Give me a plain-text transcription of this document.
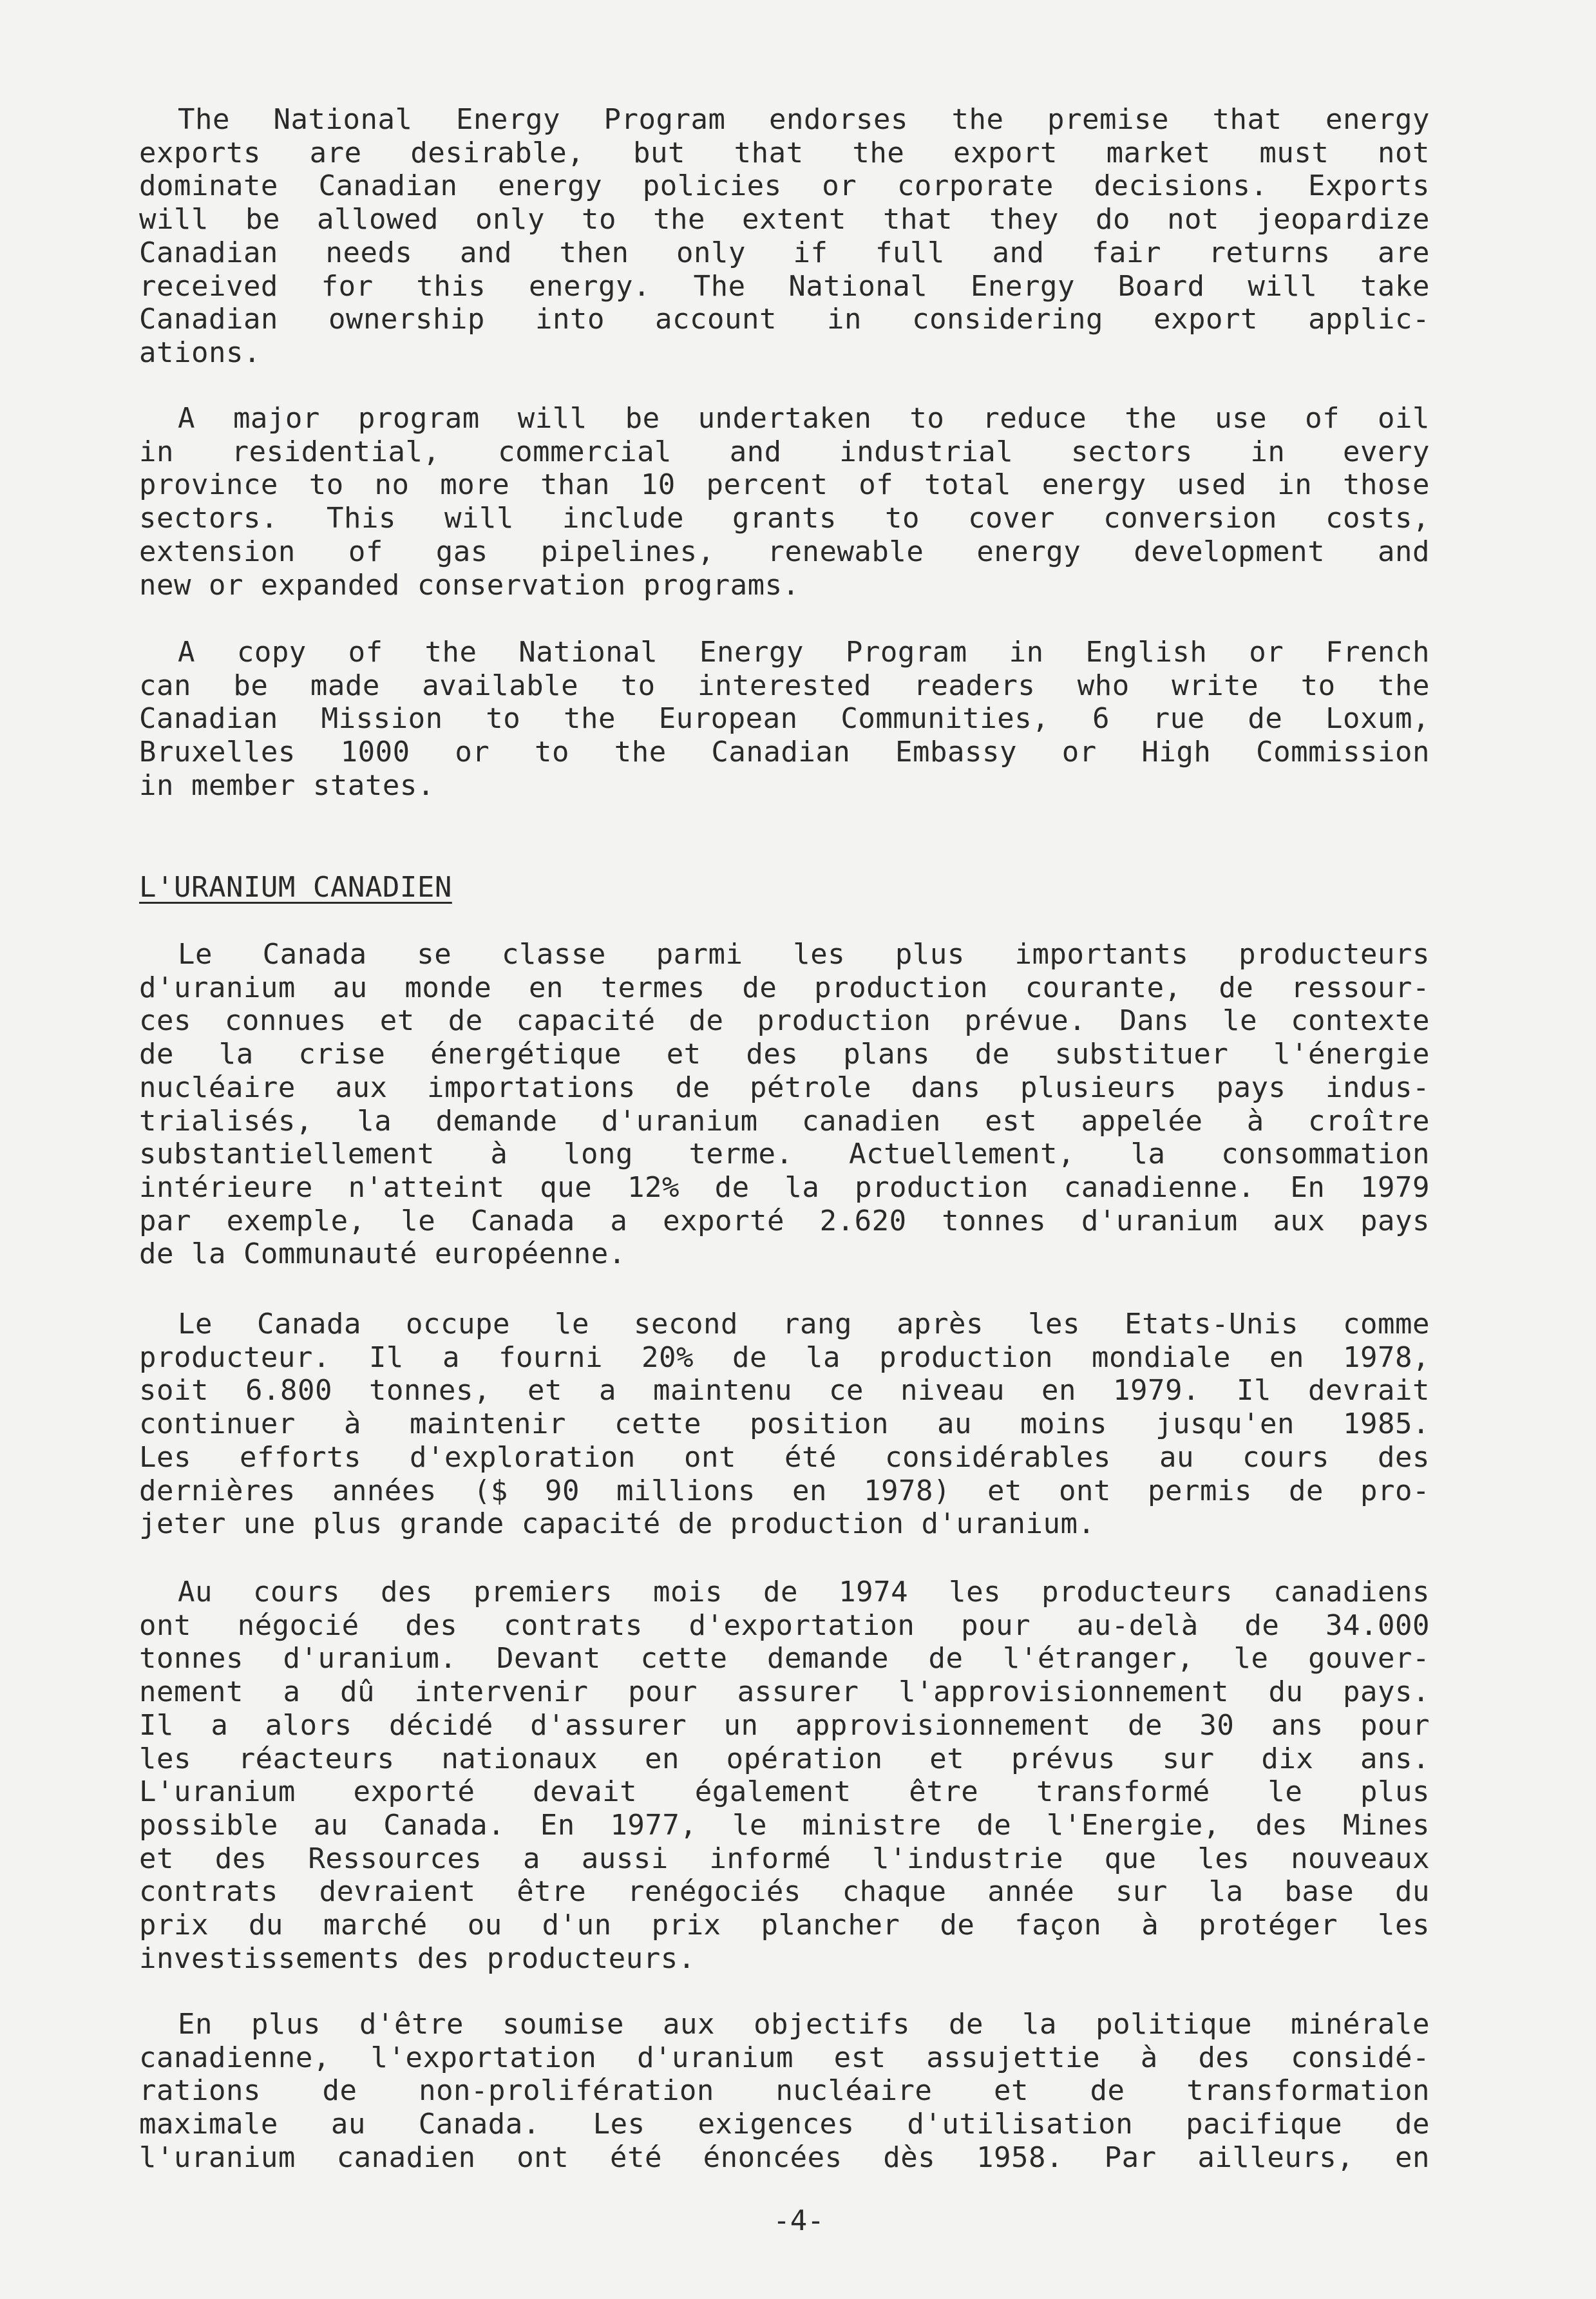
The National Energy Program endorses the premise that energy
exports are desirable, but that the export market must not
dominate Canadian energy policies or corporate decisions. Exports
will be allowed only to the extent that they do not jeopardize
Canadian needs and then only if full and fair returns are
received for this energy. The National Energy Board will take
Canadian ownership into account in considering export applic-
ations.
A major program will be undertaken to reduce the use of oil
in residential, commercial and industrial sectors in every
province to no more than 10 percent of total energy used in those
sectors. This will include grants to cover conversion costs,
extension of gas pipelines, renewable energy development and
new or expanded conservation programs.
A copy of the National Energy Program in English or French
can be made available to interested readers who write to the
Canadian Mission to the European Communities, 6 rue de Loxum,
Bruxelles 1000 or to the Canadian Embassy or High Commission
in member states.
L'URANIUM CANADIEN
Le Canada se classe parmi les plus importants producteurs
d'uranium au monde en termes de production courante, de ressour-
ces connues et de capacité de production prévue. Dans le contexte
de la crise énergétique et des plans de substituer l'énergie
nucléaire aux importations de pétrole dans plusieurs pays indus-
trialisés, la demande d'uranium canadien est appelée à croître
substantiellement à long terme. Actuellement, la consommation
intérieure n'atteint que 12% de la production canadienne. En 1979
par exemple, le Canada a exporté 2.620 tonnes d'uranium aux pays
de la Communauté européenne.
Le Canada occupe le second rang après les Etats-Unis comme
producteur. Il a fourni 20% de la production mondiale en 1978,
soit 6.800 tonnes, et a maintenu ce niveau en 1979. Il devrait
continuer à maintenir cette position au moins jusqu'en 1985.
Les efforts d'exploration ont été considérables au cours des
dernières années ($ 90 millions en 1978) et ont permis de pro-
jeter une plus grande capacité de production d'uranium.
Au cours des premiers mois de 1974 les producteurs canadiens
ont négocié des contrats d'exportation pour au-delà de 34.000
tonnes d'uranium. Devant cette demande de l'étranger, le gouver-
nement a dû intervenir pour assurer l'approvisionnement du pays.
Il a alors décidé d'assurer un approvisionnement de 30 ans pour
les réacteurs nationaux en opération et prévus sur dix ans.
L'uranium exporté devait également être transformé le plus
possible au Canada. En 1977, le ministre de l'Energie, des Mines
et des Ressources a aussi informé l'industrie que les nouveaux
contrats devraient être renégociés chaque année sur la base du
prix du marché ou d'un prix plancher de façon à protéger les
investissements des producteurs.
En plus d'être soumise aux objectifs de la politique minérale
canadienne, l'exportation d'uranium est assujettie à des considé-
rations de non-prolifération nucléaire et de transformation
maximale au Canada. Les exigences d'utilisation pacifique de
l'uranium canadien ont été énoncées dès 1958. Par ailleurs, en
-4-
